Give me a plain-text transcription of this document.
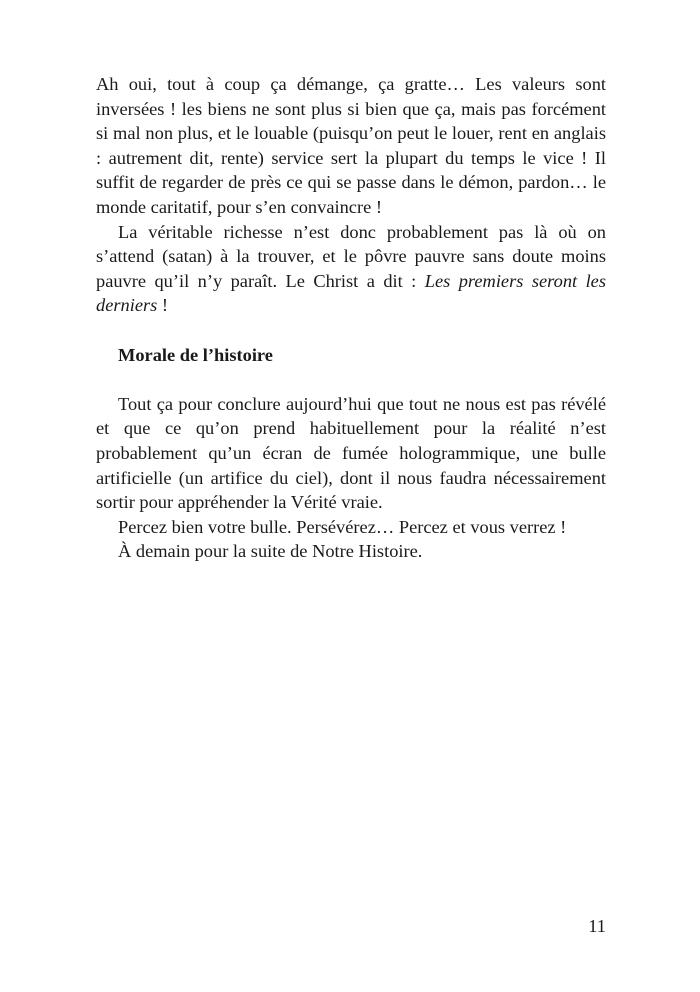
Ah oui, tout à coup ça démange, ça gratte… Les valeurs sont inversées ! les biens ne sont plus si bien que ça, mais pas forcément si mal non plus, et le louable (puisqu’on peut le louer, rent en anglais : autrement dit, rente) service sert la plupart du temps le vice ! Il suffit de regarder de près ce qui se passe dans le démon, pardon… le monde caritatif, pour s’en convaincre !

La véritable richesse n’est donc probablement pas là où on s’attend (satan) à la trouver, et le pôvre pauvre sans doute moins pauvre qu’il n’y paraît. Le Christ a dit : Les premiers seront les derniers !

Morale de l’histoire

Tout ça pour conclure aujourd’hui que tout ne nous est pas révélé et que ce qu’on prend habituellement pour la réalité n’est probablement qu’un écran de fumée hologrammique, une bulle artificielle (un artifice du ciel), dont il nous faudra nécessairement sortir pour appréhender la Vérité vraie.

Percez bien votre bulle. Persévérez… Percez et vous verrez !

À demain pour la suite de Notre Histoire.

11
